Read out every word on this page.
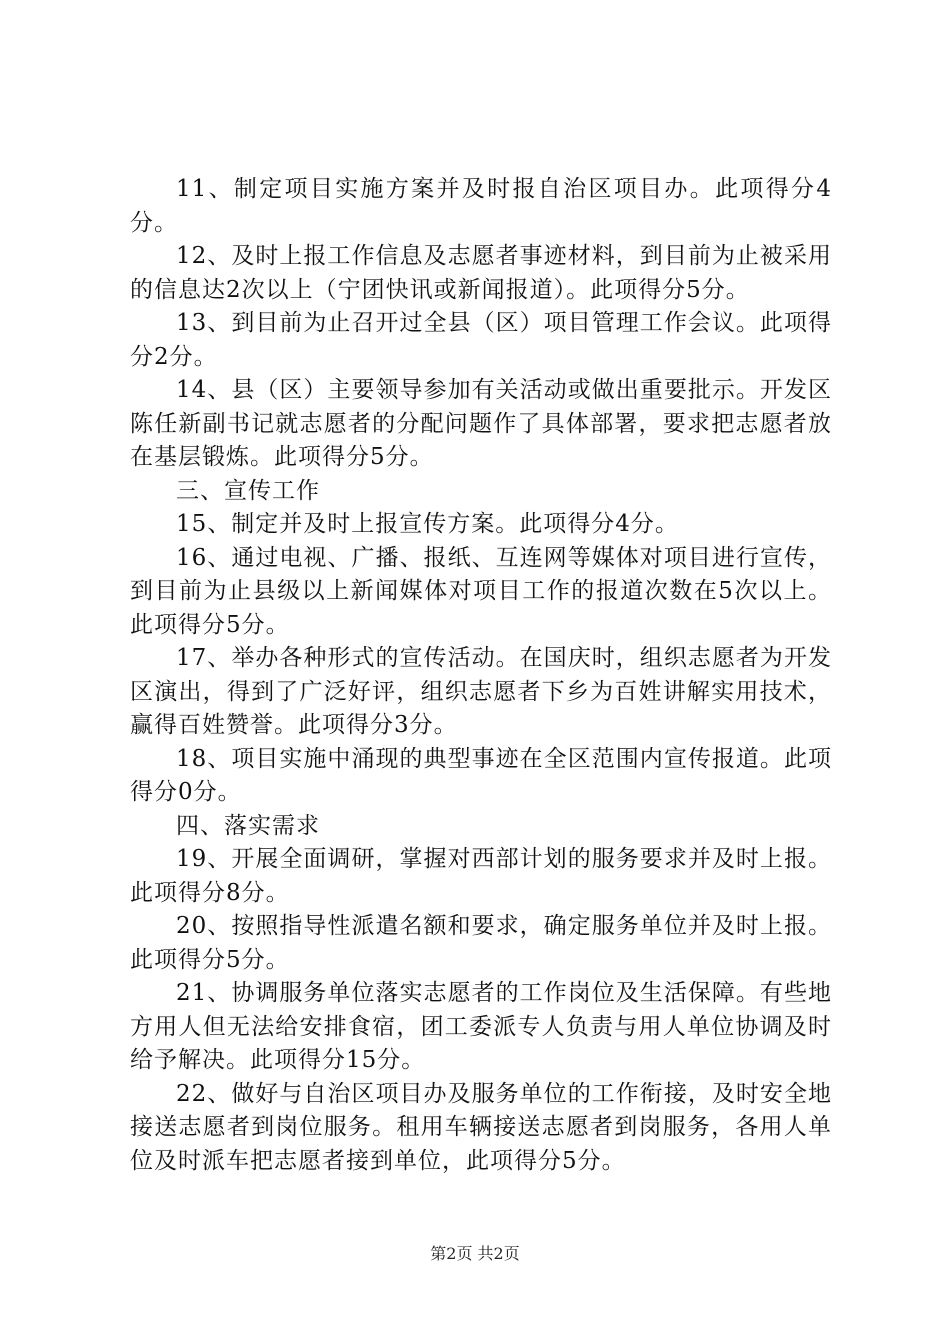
11、制定项目实施方案并及时报自治区项目办。此项得分4分。

12、及时上报工作信息及志愿者事迹材料，到目前为止被采用的信息达2次以上（宁团快讯或新闻报道）。此项得分5分。

13、到目前为止召开过全县（区）项目管理工作会议。此项得分2分。

14、县（区）主要领导参加有关活动或做出重要批示。开发区陈任新副书记就志愿者的分配问题作了具体部署，要求把志愿者放在基层锻炼。此项得分5分。

三、宣传工作

15、制定并及时上报宣传方案。此项得分4分。

16、通过电视、广播、报纸、互连网等媒体对项目进行宣传，到目前为止县级以上新闻媒体对项目工作的报道次数在5次以上。此项得分5分。

17、举办各种形式的宣传活动。在国庆时，组织志愿者为开发区演出，得到了广泛好评，组织志愿者下乡为百姓讲解实用技术，赢得百姓赞誉。此项得分3分。

18、项目实施中涌现的典型事迹在全区范围内宣传报道。此项得分0分。

四、落实需求

19、开展全面调研，掌握对西部计划的服务要求并及时上报。此项得分8分。

20、按照指导性派遣名额和要求，确定服务单位并及时上报。此项得分5分。

21、协调服务单位落实志愿者的工作岗位及生活保障。有些地方用人但无法给安排食宿，团工委派专人负责与用人单位协调及时给予解决。此项得分15分。

22、做好与自治区项目办及服务单位的工作衔接，及时安全地接送志愿者到岗位服务。租用车辆接送志愿者到岗服务，各用人单位及时派车把志愿者接到单位，此项得分5分。

第2页 共2页
